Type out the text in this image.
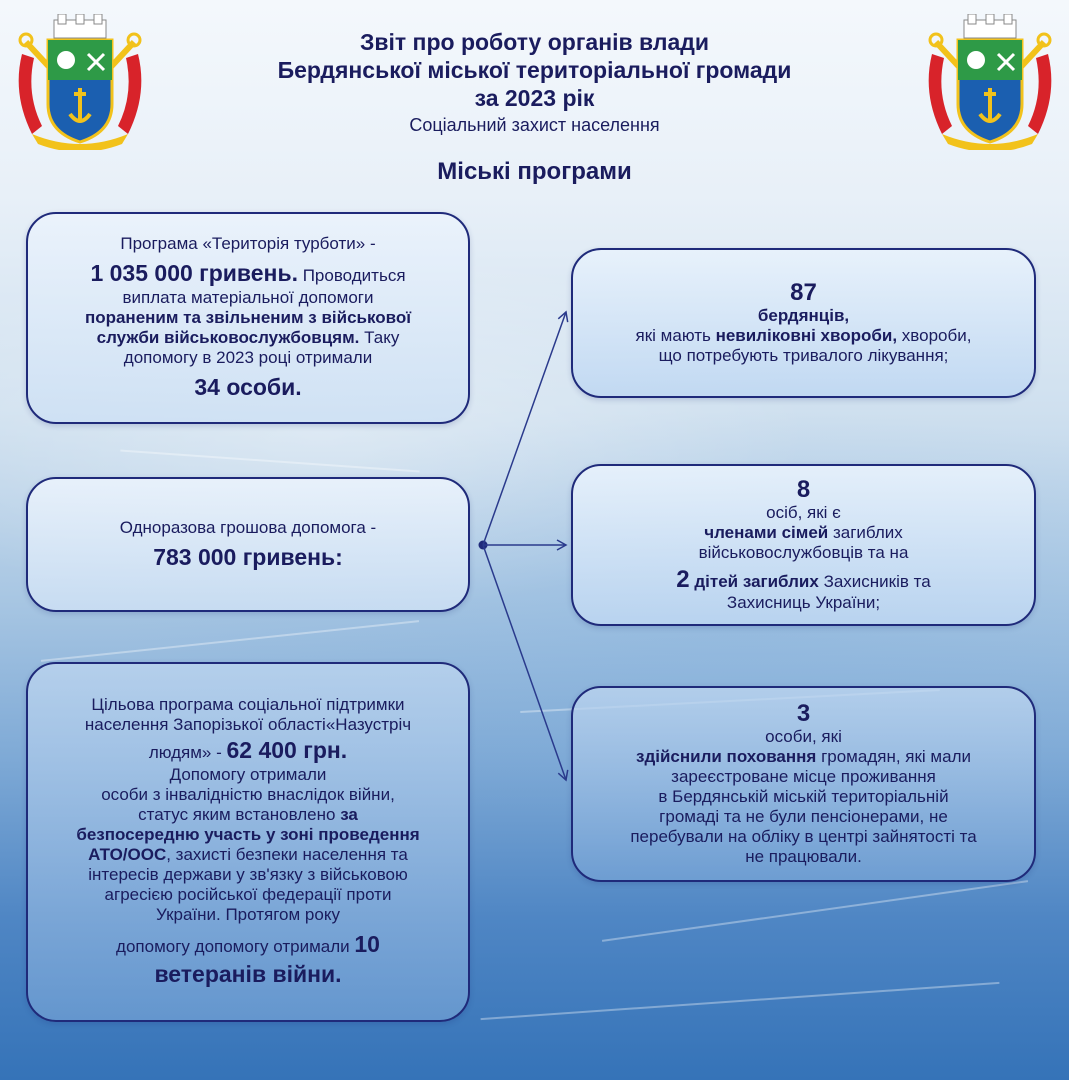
Звіт про роботу органів влади
Бердянської міської територіальної громади
за 2023 рік
Соціальний захист населення
Міські програми
Програма «Територія турботи» -
1 035 000 гривень. Проводиться
виплата матеріальної допомоги
пораненим та звільненим з військової
служби військовослужбовцям. Таку
допомогу в 2023 році отримали
34 особи.
Одноразова грошова допомога -
783 000 гривень:
Цільова програма соціальної підтримки
населення Запорізької області«Назустріч
людям» - 62 400 грн.
Допомогу отримали
особи з інвалідністю внаслідок війни,
статус яким встановлено за
безпосередню участь у зоні проведення
АТО/ООС, захисті безпеки населення та
інтересів держави у зв'язку з військовою
агресією російської федерації проти
України. Протягом року
допомогу допомогу отримали 10
ветеранів війни.
87
бердянців,
які мають невиліковні хвороби, хвороби,
що потребують тривалого лікування;
8
осіб, які є
членами сімей загиблих
військовослужбовців та на
2 дітей загиблих Захисників та
Захисниць України;
3
особи, які
здійснили поховання громадян, які мали
зареєстроване місце проживання
в Бердянській міській територіальній
громаді та не були пенсіонерами, не
перебували на обліку в центрі зайнятості та
не працювали.
